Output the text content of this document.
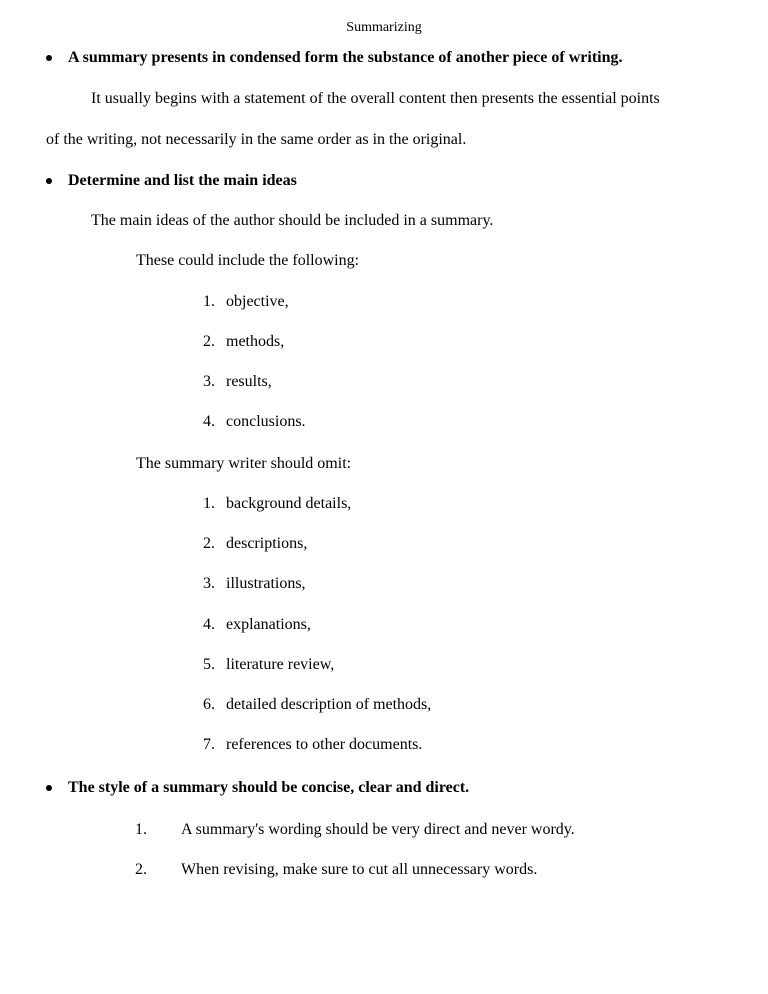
Summarizing
A summary presents in condensed form the substance of another piece of writing.
It usually begins with a statement of the overall content then presents the essential points
of the writing, not necessarily in the same order as in the original.
Determine and list the main ideas
The main ideas of the author should be included in a summary.
These could include the following:
1. objective,
2. methods,
3. results,
4. conclusions.
The summary writer should omit:
1. background details,
2. descriptions,
3. illustrations,
4. explanations,
5. literature review,
6. detailed description of methods,
7. references to other documents.
The style of a summary should be concise, clear and direct.
1. A summary's wording should be very direct and never wordy.
2. When revising, make sure to cut all unnecessary words.
